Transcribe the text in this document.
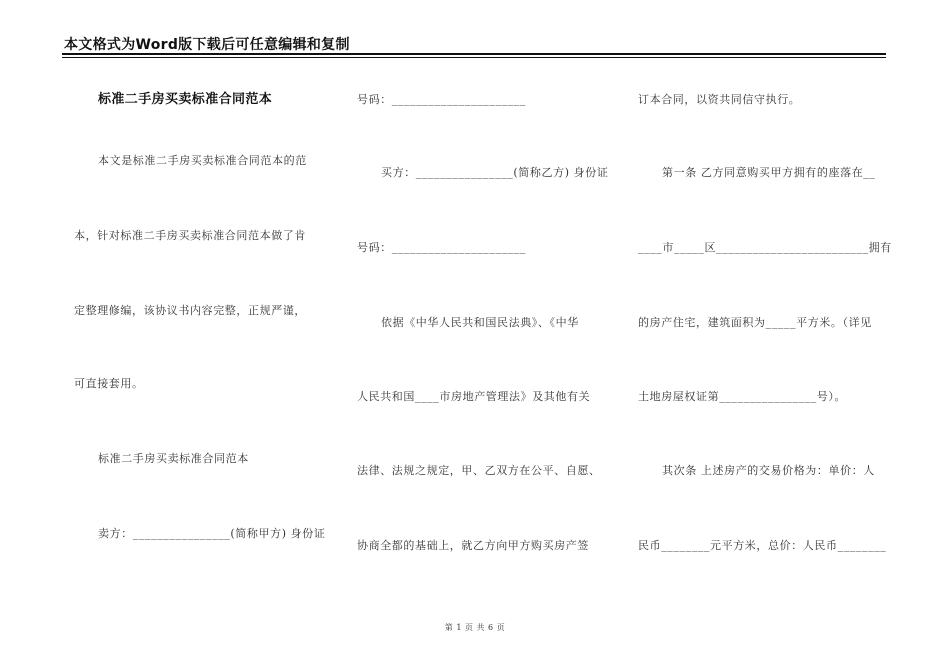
本文格式为Word版下载后可任意编辑和复制
标准二手房买卖标准合同范本
本文是标准二手房买卖标准合同范本的范
本，针对标准二手房买卖标准合同范本做了肯
定整理修编，该协议书内容完整，正规严谨，
可直接套用。
标准二手房买卖标准合同范本
卖方：________________(简称甲方) 身份证
号码：______________________
买方：________________(简称乙方) 身份证
号码：______________________
依据《中华人民共和国民法典》、《中华
人民共和国____市房地产管理法》及其他有关
法律、法规之规定，甲、乙双方在公平、自愿、
协商全都的基础上，就乙方向甲方购买房产签
订本合同，以资共同信守执行。
第一条 乙方同意购买甲方拥有的座落在__
____市_____区_________________________拥有
的房产住宅，建筑面积为_____平方米。（详见
土地房屋权证第________________号）。
其次条 上述房产的交易价格为：单价：人
民币________元平方米，总价：人民币________
第 1 页 共 6 页
